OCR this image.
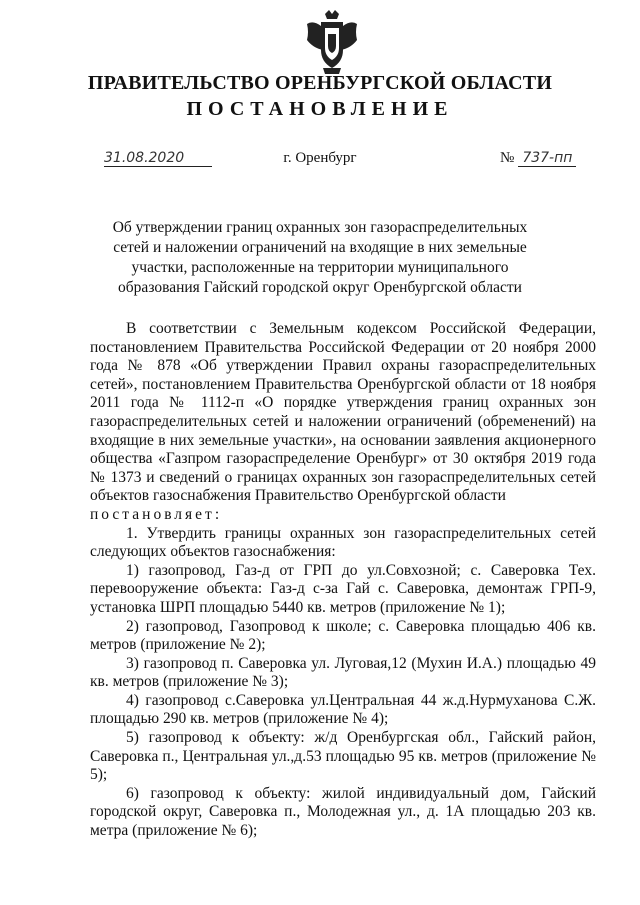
ПРАВИТЕЛЬСТВО ОРЕНБУРГСКОЙ ОБЛАСТИ
ПОСТАНОВЛЕНИЕ
31.08.2020	г. Оренбург	№ 737-пп
Об утверждении границ охранных зон газораспределительных сетей и наложении ограничений на входящие в них земельные участки, расположенные на территории муниципального образования Гайский городской округ Оренбургской области

В соответствии с Земельным кодексом Российской Федерации, постановлением Правительства Российской Федерации от 20 ноября 2000 года № 878 «Об утверждении Правил охраны газораспределительных сетей», постановлением Правительства Оренбургской области от 18 ноября 2011 года № 1112-п «О порядке утверждения границ охранных зон газораспределительных сетей и наложении ограничений (обременений) на входящие в них земельные участки», на основании заявления акционерного общества «Газпром газораспределение Оренбург» от 30 октября 2019 года № 1373 и сведений о границах охранных зон газораспределительных сетей объектов газоснабжения Правительство Оренбургской области

постановляет:

1. Утвердить границы охранных зон газораспределительных сетей следующих объектов газоснабжения:

1) газопровод, Газ-д от ГРП до ул.Совхозной; с. Саверовка Тех. перевооружение объекта: Газ-д с-за Гай с. Саверовка, демонтаж ГРП-9, установка ШРП площадью 5440 кв. метров (приложение № 1);

2) газопровод, Газопровод к школе; с. Саверовка площадью 406 кв. метров (приложение № 2);

3) газопровод п. Саверовка ул. Луговая,12 (Мухин И.А.) площадью 49 кв. метров (приложение № 3);

4) газопровод с.Саверовка ул.Центральная 44 ж.д.Нурмуханова С.Ж. площадью 290 кв. метров (приложение № 4);

5) газопровод к объекту: ж/д Оренбургская обл., Гайский район, Саверовка п., Центральная ул.,д.53 площадью 95 кв. метров (приложение № 5);

6) газопровод к объекту: жилой индивидуальный дом, Гайский городской округ, Саверовка п., Молодежная ул., д. 1А площадью 203 кв. метра (приложение № 6);
